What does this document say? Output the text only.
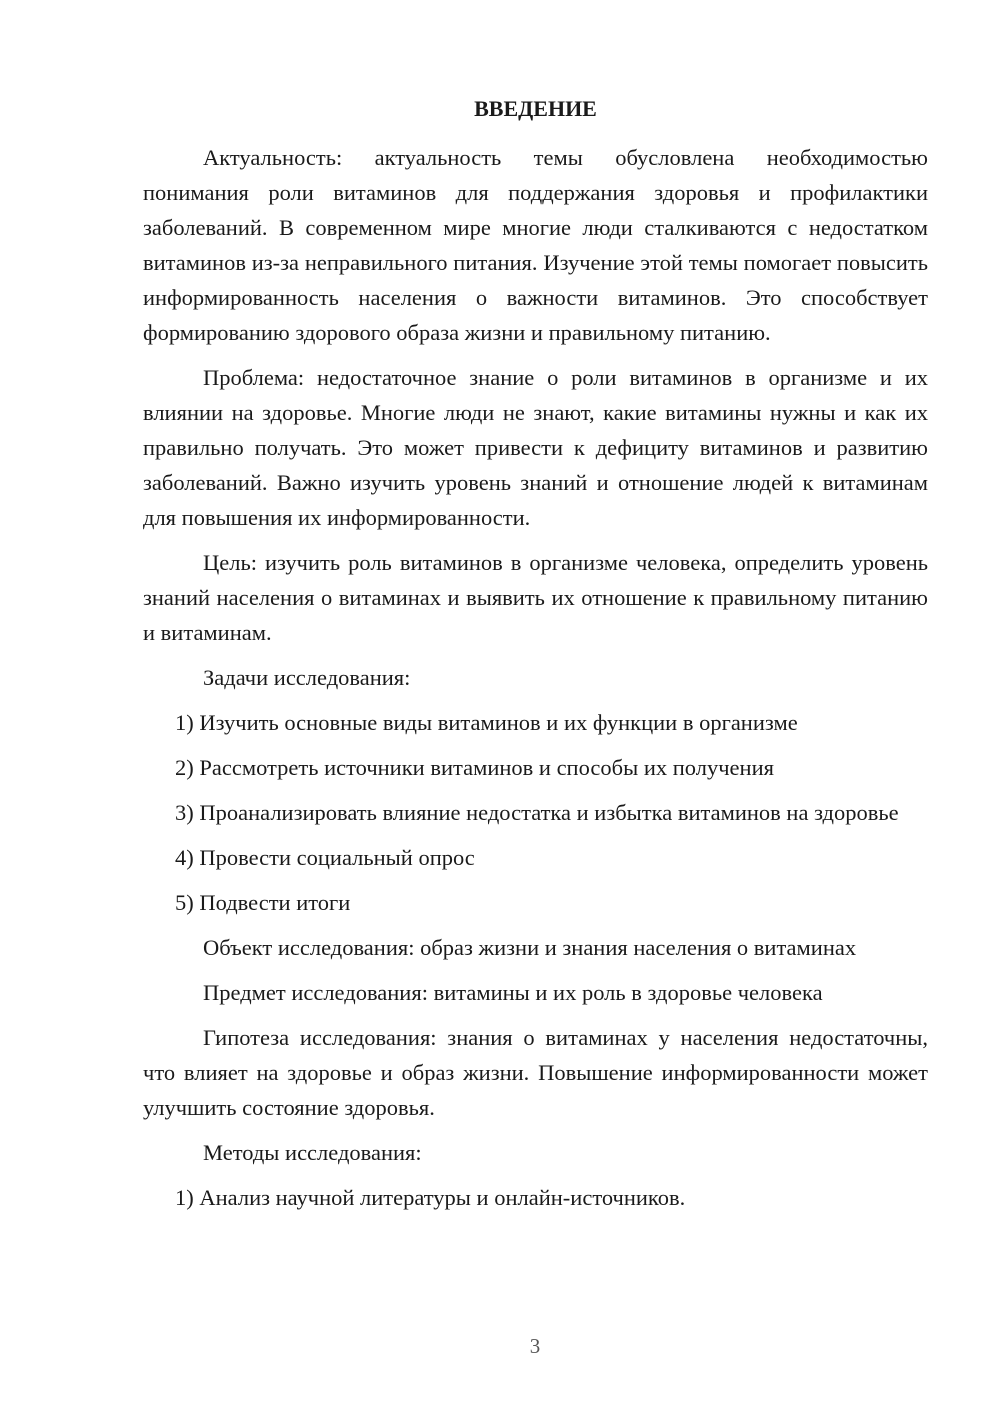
ВВЕДЕНИЕ

Актуальность: актуальность темы обусловлена необходимостью понимания роли витаминов для поддержания здоровья и профилактики заболеваний. В современном мире многие люди сталкиваются с недостатком витаминов из-за неправильного питания. Изучение этой темы помогает повысить информированность населения о важности витаминов. Это способствует формированию здорового образа жизни и правильному питанию.

Проблема: недостаточное знание о роли витаминов в организме и их влиянии на здоровье. Многие люди не знают, какие витамины нужны и как их правильно получать. Это может привести к дефициту витаминов и развитию заболеваний. Важно изучить уровень знаний и отношение людей к витаминам для повышения их информированности.

Цель: изучить роль витаминов в организме человека, определить уровень знаний населения о витаминах и выявить их отношение к правильному питанию и витаминам.

Задачи исследования:

1) Изучить основные виды витаминов и их функции в организме

2) Рассмотреть источники витаминов и способы их получения

3) Проанализировать влияние недостатка и избытка витаминов на здоровье

4) Провести социальный опрос

5) Подвести итоги

Объект исследования: образ жизни и знания населения о витаминах

Предмет исследования: витамины и их роль в здоровье человека

Гипотеза исследования: знания о витаминах у населения недостаточны, что влияет на здоровье и образ жизни. Повышение информированности может улучшить состояние здоровья.

Методы исследования:

1) Анализ научной литературы и онлайн-источников.

3
